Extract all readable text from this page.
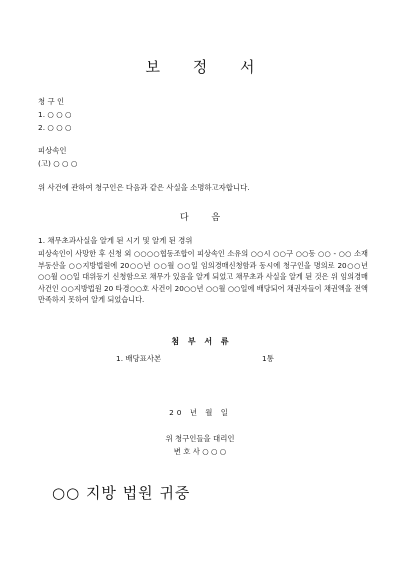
보 정 서
청 구 인
1. ○ ○ ○
2. ○ ○ ○
피상속인
(고) ○ ○ ○
위 사건에 관하여 청구인은 다음과 같은 사실을 소명하고자합니다.
다 음
1. 채무초과사실을 알게 된 시기 및 알게 된 경위
피상속인이 사망한 후 신청 외 ○○○○협동조합이 피상속인 소유의 ○○시 ○○구 ○○동 ○○ - ○○ 소재 부동산을 ○○지방법원에 20○○년 ○○월 ○○일 임의경매신청함과 동시에 청구인을 명의로 20○○년 ○○월 ○○일 대위등기 신청함으로 채무가 있음을 알게 되었고 채무초과 사실을 알게 된 것은 위 임의경매사건인 ○○지방법원 20 타경○○호 사건이 20○○년 ○○월 ○○일에 배당되어 채권자들이 채권액을 전액 만족하지 못하여 알게 되었습니다.
첨 부 서 류
1. 배당표사본	1통
20 년 월 일
위 청구인들을 대리인
변 호 사 ○ ○ ○
○○ 지방 법원 귀중
